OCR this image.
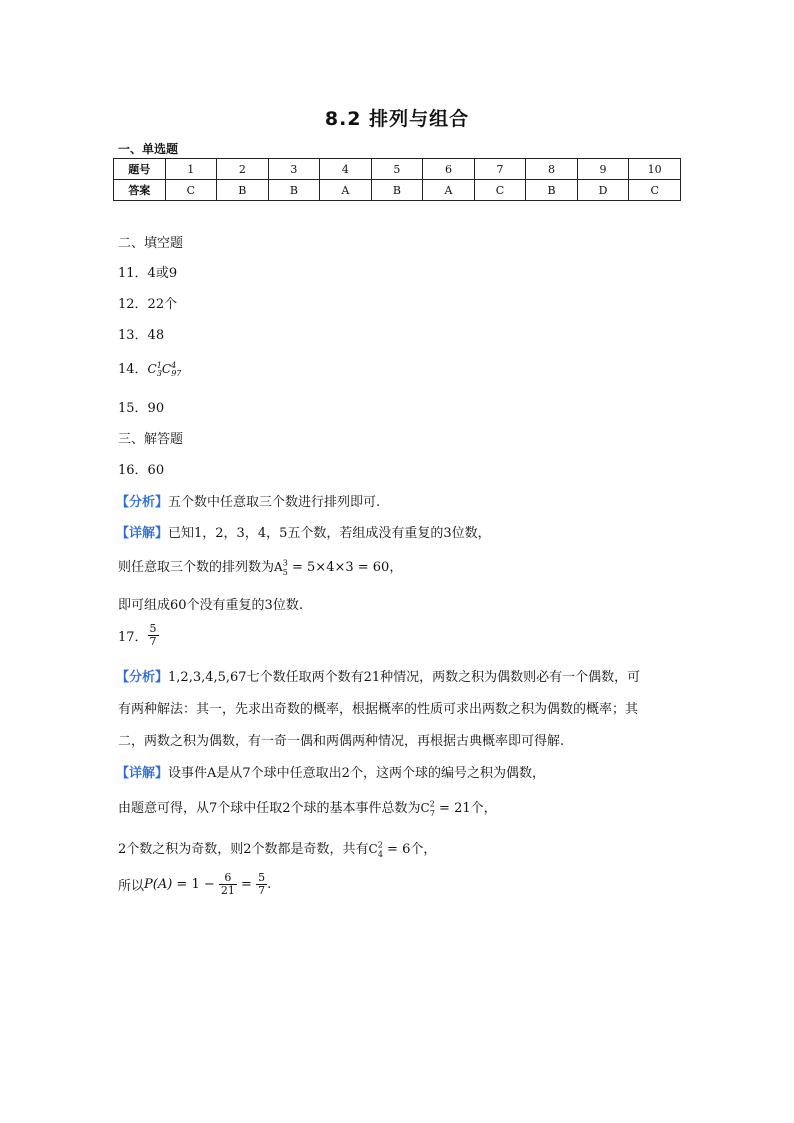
8.2 排列与组合
一、单选题
题号	1	2	3	4	5	6	7	8	9	10
答案	C	B	B	A	B	A	C	B	D	C
二、填空题
11．4或9
12．22个
13．48
14．$C^1_3C^4_{97}$
15．90
三、解答题
16．60
【分析】五个数中任意取三个数进行排列即可.
【详解】已知1，2，3，4，5五个数，若组成没有重复的3位数，
则任意取三个数的排列数为$A^3_5 = 5\times 4\times 3 = 60$，
即可组成60个没有重复的3位数.
17． $\frac{5}{7}$
【分析】1,2,3,4,5,67七个数任取两个数有21种情况，两数之积为偶数则必有一个偶数，可
有两种解法：其一，先求出奇数的概率，根据概率的性质可求出两数之积为偶数的概率；其
二，两数之积为偶数，有一奇一偶和两偶两种情况，再根据古典概率即可得解.
【详解】设事件A是从7个球中任意取出2个，这两个球的编号之积为偶数，
由题意可得，从7个球中任取2个球的基本事件总数为$C^2_7 = 21$个，
2个数之积为奇数，则2个数都是奇数，共有$C^2_4 = 6$个，
所以$P(A) = 1 - \frac{6}{21} = \frac{5}{7}$ .
